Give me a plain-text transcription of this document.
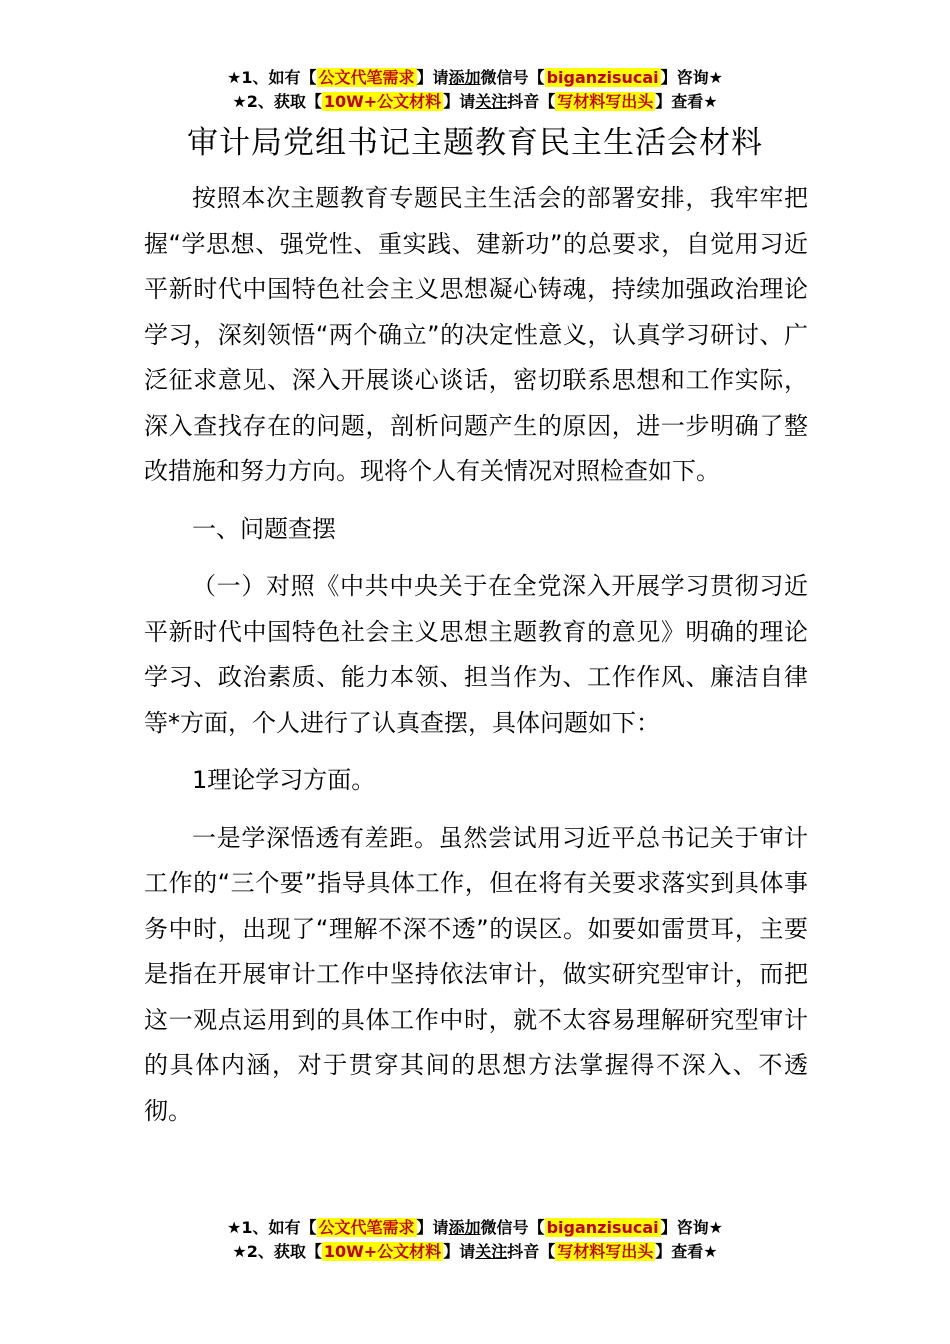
★1、如有【 公文代笔需求 】请添加微信号【 biganzisucai 】咨询★
★2、获取【 10W+公文材料 】请关注抖音【 写材料写出头 】查看★
审计局党组书记主题教育民主生活会材料

按照本次主题教育专题民主生活会的部署安排，我牢牢把握“学思想、强党性、重实践、建新功”的总要求，自觉用习近平新时代中国特色社会主义思想凝心铸魂，持续加强政治理论学习，深刻领悟“两个确立”的决定性意义，认真学习研讨、广泛征求意见、深入开展谈心谈话，密切联系思想和工作实际，深入查找存在的问题，剖析问题产生的原因，进一步明确了整改措施和努力方向。现将个人有关情况对照检查如下。

一、问题查摆

（一）对照《中共中央关于在全党深入开展学习贯彻习近平新时代中国特色社会主义思想主题教育的意见》明确的理论学习、政治素质、能力本领、担当作为、工作作风、廉洁自律等*方面，个人进行了认真查摆，具体问题如下：

1理论学习方面。

一是学深悟透有差距。虽然尝试用习近平总书记关于审计工作的“三个要”指导具体工作，但在将有关要求落实到具体事务中时，出现了“理解不深不透”的误区。如要如雷贯耳，主要是指在开展审计工作中坚持依法审计，做实研究型审计，而把这一观点运用到的具体工作中时，就不太容易理解研究型审计的具体内涵，对于贯穿其间的思想方法掌握得不深入、不透彻。

★1、如有【 公文代笔需求 】请添加微信号【 biganzisucai 】咨询★
★2、获取【 10W+公文材料 】请关注抖音【 写材料写出头 】查看★
